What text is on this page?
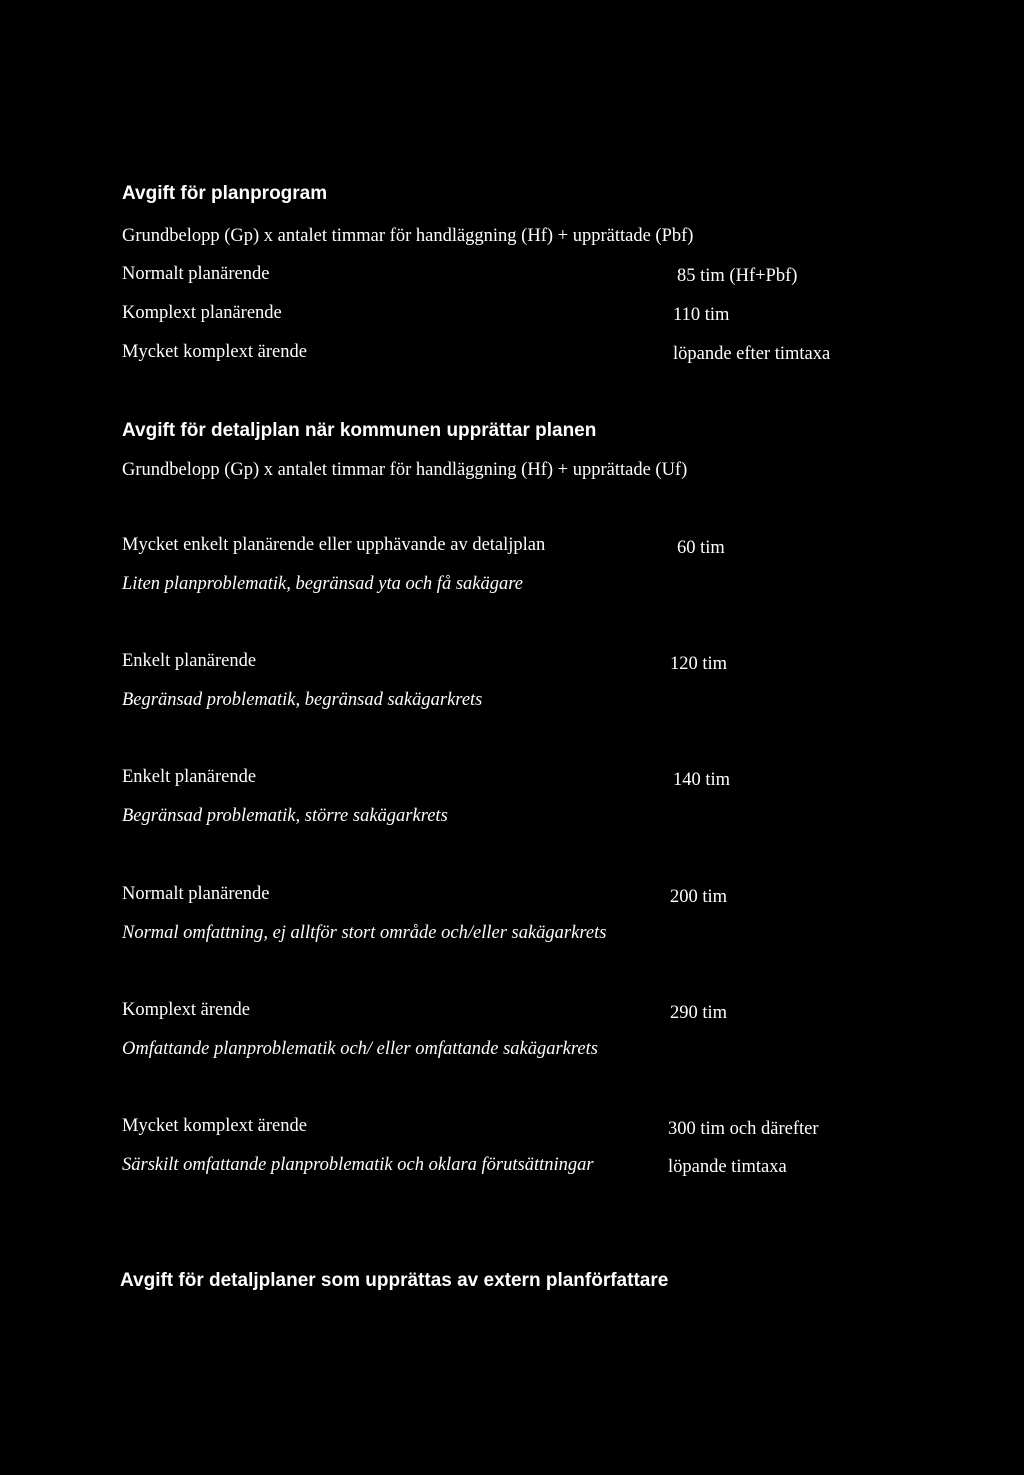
Avgift för planprogram
Grundbelopp (Gp) x antalet timmar för handläggning (Hf) + upprättade (Pbf)
Normalt planärende	85 tim (Hf+Pbf)
Komplext planärende	110 tim
Mycket komplext ärende	löpande efter timtaxa
Avgift för detaljplan när kommunen upprättar planen
Grundbelopp (Gp) x antalet timmar för handläggning (Hf) + upprättade (Uf)
Mycket enkelt planärende eller upphävande av detaljplan	60 tim
Liten planproblematik, begränsad yta och få sakägare
Enkelt planärende	120 tim
Begränsad problematik, begränsad sakägarkrets
Enkelt planärende	140 tim
Begränsad problematik, större sakägarkrets
Normalt planärende	200 tim
Normal omfattning, ej alltför stort område och/eller sakägarkrets
Komplext ärende	290 tim
Omfattande planproblematik och/ eller omfattande sakägarkrets
Mycket komplext ärende	300 tim och därefter
Särskilt omfattande planproblematik och oklara förutsättningar	löpande timtaxa
Avgift för detaljplaner som upprättas av extern planförfattare
